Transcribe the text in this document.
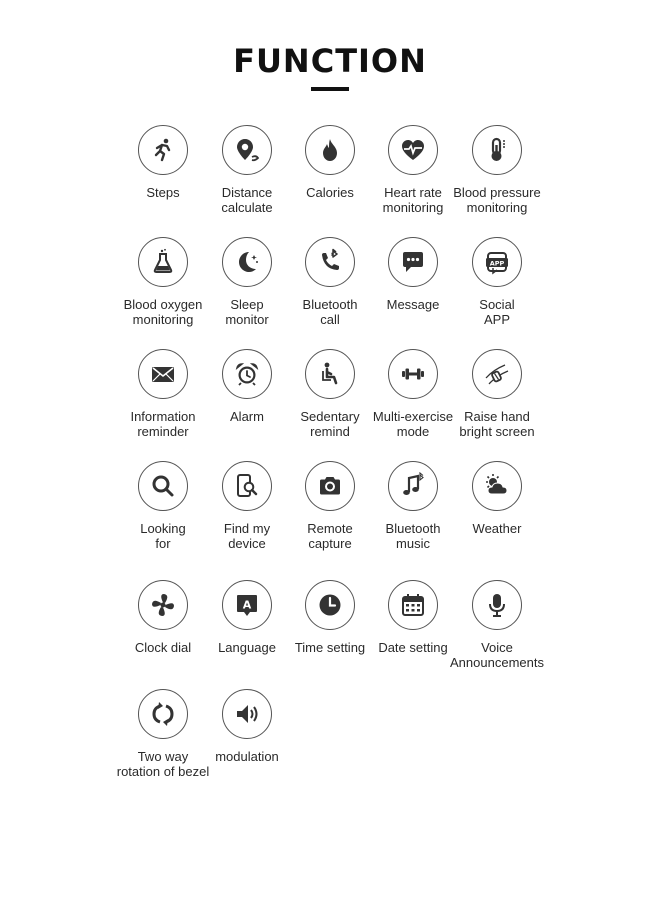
FUNCTION
Steps	Distance
calculate
Calories	Heart rate
monitoring
Blood pressure
monitoring
Blood oxygen
monitoring
Sleep
monitor
Bluetooth
call
Message
APP
Social
APP
Information
reminder
Alarm	Sedentary
remind
Multi-exercise
mode
Raise hand
bright screen
Looking
for
Find my
device
Remote
capture
Bluetooth
music
Weather
Clock dial
A
Language	Time setting	Date setting	Voice
Announcements
Two way
rotation of bezel
modulation
